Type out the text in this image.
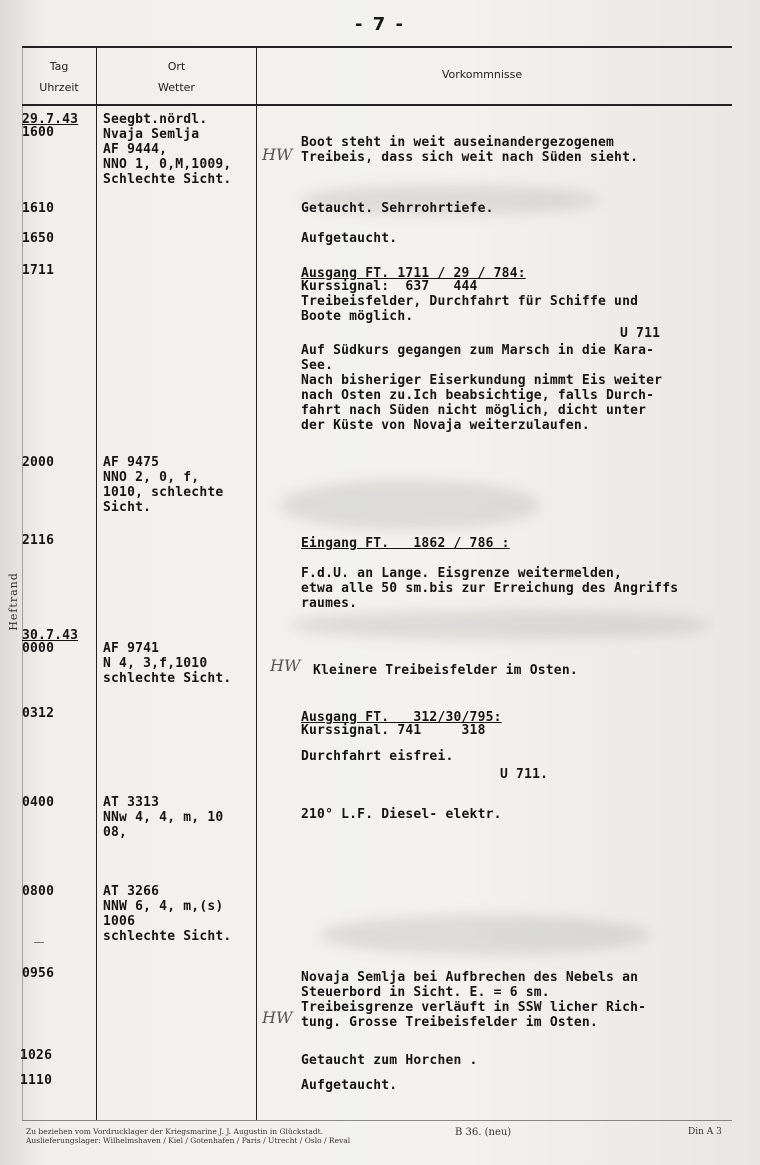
- 7 -
Tag
Uhrzeit
Ort
Wetter
Vorkommnisse
Heftrand
29.7.43
1600
Seegbt.nördl.
Nvaja Semlja
AF 9444,
NNO 1, 0,M,1009,
Schlechte Sicht.
Boot steht in weit auseinandergezogenem
Treibeis, dass sich weit nach Süden sieht.
HW
1610	Getaucht. Sehrrohrtiefe.
1650	Aufgetaucht.
1711	Ausgang FT. 1711 / 29 / 784:
Kurssignal:  637   444
Treibeisfelder, Durchfahrt für Schiffe und
Boote möglich.
U 711
Auf Südkurs gegangen zum Marsch in die Kara-
See.
Nach bisheriger Eiserkundung nimmt Eis weiter
nach Osten zu.Ich beabsichtige, falls Durch-
fahrt nach Süden nicht möglich, dicht unter
der Küste von Novaja weiterzulaufen.
2000	AF 9475
NNO 2, 0, f,
1010, schlechte
Sicht.
2116	Eingang FT.   1862 / 786 :
F.d.U. an Lange. Eisgrenze weitermelden,
etwa alle 50 sm.bis zur Erreichung des Angriffs
raumes.
30.7.43
0000	AF 9741
N 4, 3,f,1010
schlechte Sicht.
HW Kleinere Treibeisfelder im Osten.
0312	Ausgang FT.   312/30/795:
Kurssignal. 741     318
Durchfahrt eisfrei.
U 711.
0400	AT 3313
NNw 4, 4, m, 10
08,
210° L.F. Diesel- elektr.
0800	AT 3266
NNW 6, 4, m,(s)
1006
schlechte Sicht.
0956	Novaja Semlja bei Aufbrechen des Nebels an
Steuerbord in Sicht. E. = 6 sm.
Treibeisgrenze verläuft in SSW licher Rich-
tung. Grosse Treibeisfelder im Osten.
HW
1026	Getaucht zum Horchen .
1110	Aufgetaucht.
Zu beziehen vom Vordrucklager der Kriegsmarine J. J. Augustin in Glückstadt.
Auslieferungslager: Wilhelmshaven / Kiel / Gotenhafen / Paris / Utrecht / Oslo / Reval
B 36. (neu)	Din A 3
